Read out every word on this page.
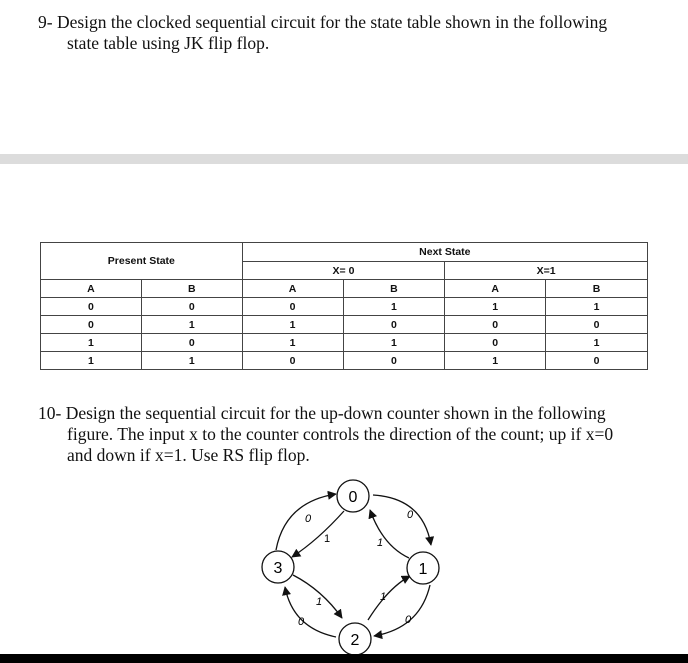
9- Design the clocked sequential circuit for the state table shown in the following
state table using JK flip flop.
Present State		Next State			
		X= 0		X=1	
A	B	A	B	A	B
0	0	0	1	1	1
0	1	1	0	0	0
1	0	1	1	0	1
1	1	0	0	1	0
10- Design the sequential circuit for the up-down counter shown in the following
figure. The input x to the counter controls the direction of the count; up if x=0
and down if x=1. Use RS flip flop.
0
1
2
3
0
0
0
0
1
1	1
1
